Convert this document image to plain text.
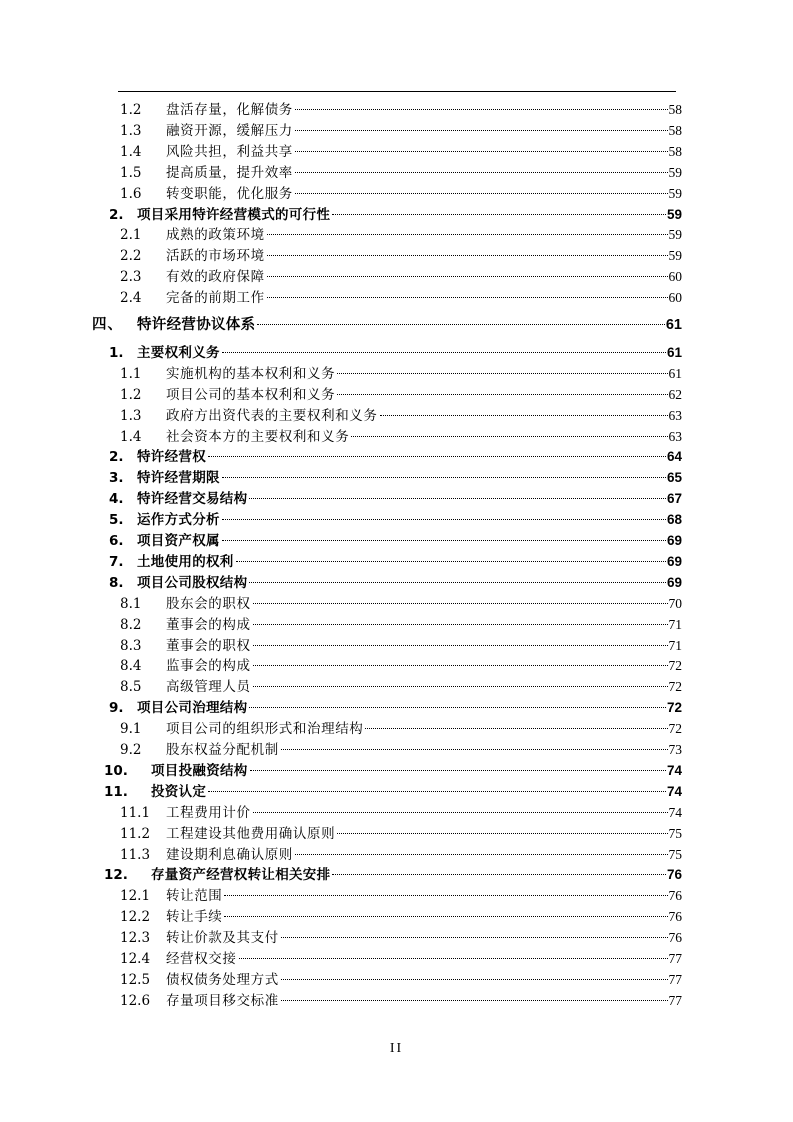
1.2 盘活存量，化解债务	58
1.3 融资开源，缓解压力	58
1.4 风险共担，利益共享	58
1.5 提高质量，提升效率	59
1.6 转变职能，优化服务	59
2. 项目采用特许经营模式的可行性	59
2.1 成熟的政策环境	59
2.2 活跃的市场环境	59
2.3 有效的政府保障	60
2.4 完备的前期工作	60
四、 特许经营协议体系	61
1. 主要权利义务	61
1.1 实施机构的基本权利和义务	61
1.2 项目公司的基本权利和义务	62
1.3 政府方出资代表的主要权利和义务	63
1.4 社会资本方的主要权利和义务	63
2. 特许经营权	64
3. 特许经营期限	65
4. 特许经营交易结构	67
5. 运作方式分析	68
6. 项目资产权属	69
7. 土地使用的权利	69
8. 项目公司股权结构	69
8.1 股东会的职权	70
8.2 董事会的构成	71
8.3 董事会的职权	71
8.4 监事会的构成	72
8.5 高级管理人员	72
9. 项目公司治理结构	72
9.1 项目公司的组织形式和治理结构	72
9.2 股东权益分配机制	73
10. 项目投融资结构	74
11. 投资认定	74
11.1 工程费用计价	74
11.2 工程建设其他费用确认原则	75
11.3 建设期利息确认原则	75
12. 存量资产经营权转让相关安排	76
12.1 转让范围	76
12.2 转让手续	76
12.3 转让价款及其支付	76
12.4 经营权交接	77
12.5 债权债务处理方式	77
12.6 存量项目移交标准	77
II
